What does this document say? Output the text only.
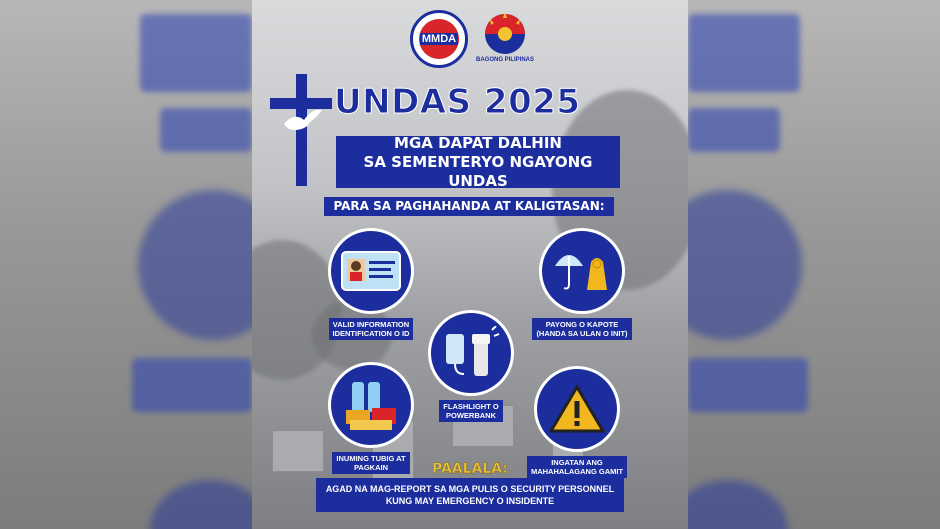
MMDA
BAGONG PILIPINAS
UNDAS 2025
MGA DAPAT DALHIN
SA SEMENTERYO NGAYONG UNDAS
PARA SA PAGHAHANDA AT KALIGTASAN:
VALID INFORMATION
IDENTIFICATION O ID
PAYONG O KAPOTE
(HANDA SA ULAN O INIT)
FLASHLIGHT O
POWERBANK
INUMING TUBIG AT
PAGKAIN
INGATAN ANG
MAHAHALAGANG GAMIT
PAALALA:
AGAD NA MAG-REPORT SA MGA PULIS O SECURITY PERSONNEL
KUNG MAY EMERGENCY O INSIDENTE
